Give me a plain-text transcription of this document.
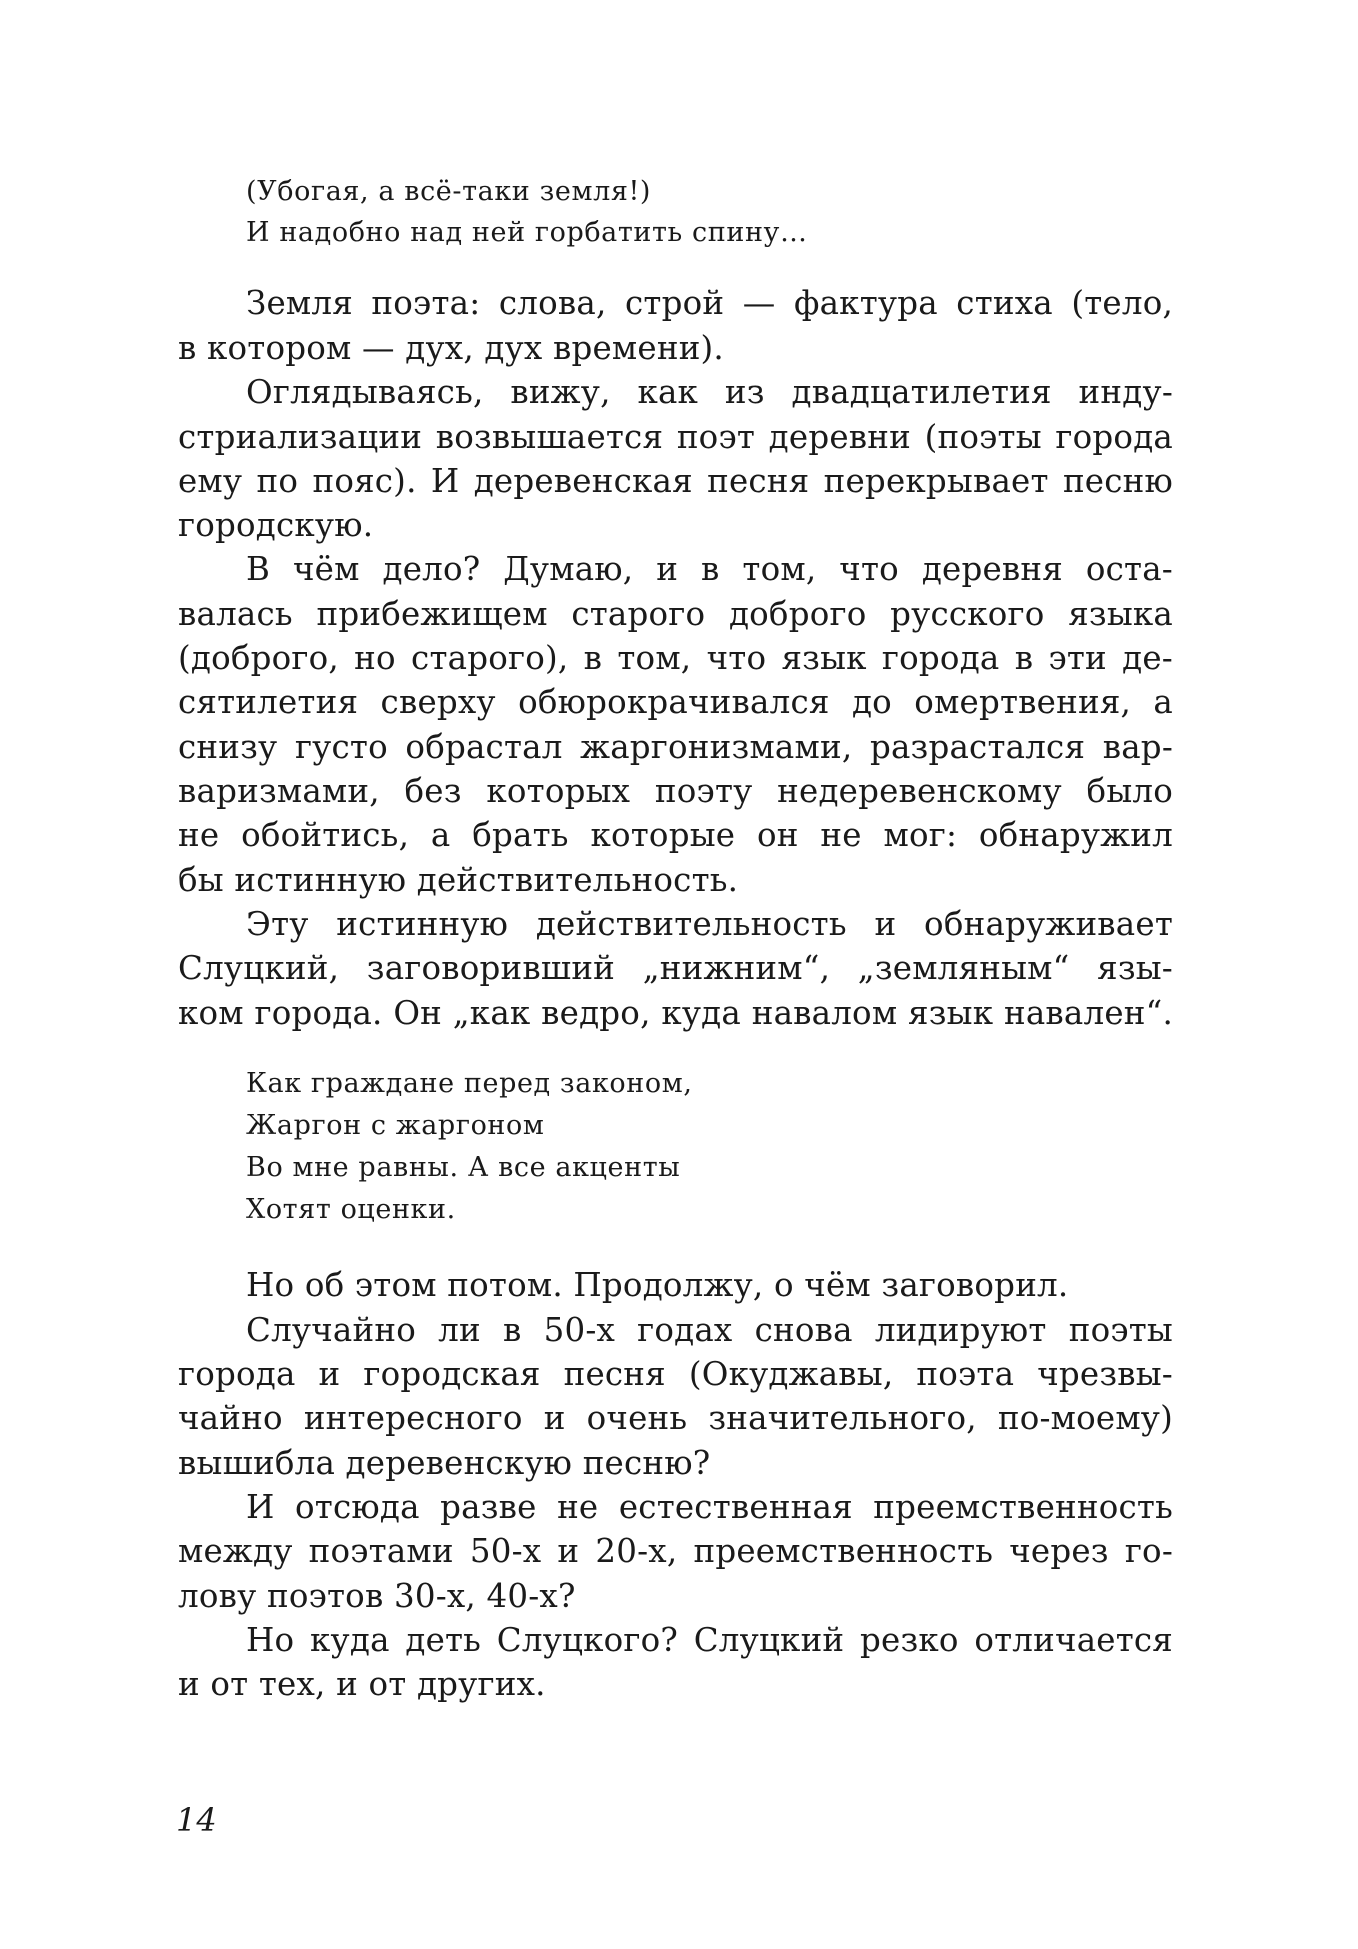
(Убогая, а всё-таки земля!)

И надобно над ней горбатить спину…

Земля поэта: слова, строй — фактура стиха (тело,

в котором — дух, дух времени).

Оглядываясь, вижу, как из двадцатилетия инду-

стриализации возвышается поэт деревни (поэты города

ему по пояс). И деревенская песня перекрывает песню

городскую.

В чём дело? Думаю, и в том, что деревня оста-

валась прибежищем старого доброго русского языка

(доброго, но старого), в том, что язык города в эти де-

сятилетия сверху обюрокрачивался до омертвения, а

снизу густо обрастал жаргонизмами, разрастался вар-

варизмами, без которых поэту недеревенскому было

не обойтись, а брать которые он не мог: обнаружил

бы истинную действительность.

Эту истинную действительность и обнаруживает

Слуцкий, заговоривший „нижним“, „земляным“ язы-

ком города. Он „как ведро, куда навалом язык навален“.

Как граждане перед законом,

Жаргон с жаргоном

Во мне равны. А все акценты

Хотят оценки.

Но об этом потом. Продолжу, о чём заговорил.

Случайно ли в 50-х годах снова лидируют поэты

города и городская песня (Окуджавы, поэта чрезвы-

чайно интересного и очень значительного, по-моему)

вышибла деревенскую песню?

И отсюда разве не естественная преемственность

между поэтами 50-х и 20-х, преемственность через го-

лову поэтов 30-х, 40-х?

Но куда деть Слуцкого? Слуцкий резко отличается

и от тех, и от других.

14
